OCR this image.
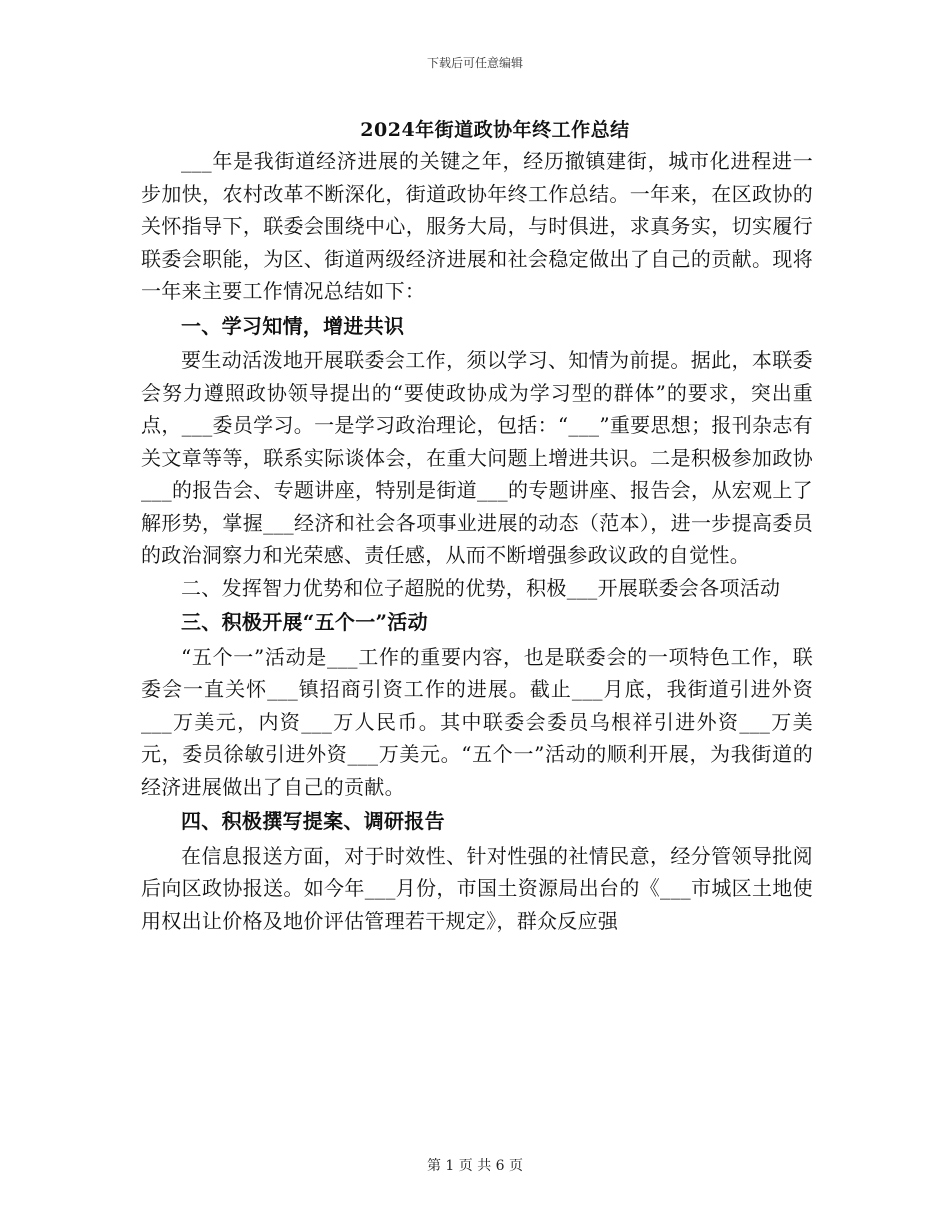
下载后可任意编辑
2024年街道政协年终工作总结

___年是我街道经济进展的关键之年，经历撤镇建街，城市化进程进一步加快，农村改革不断深化，街道政协年终工作总结。一年来，在区政协的关怀指导下，联委会围绕中心，服务大局，与时俱进，求真务实，切实履行联委会职能，为区、街道两级经济进展和社会稳定做出了自己的贡献。现将一年来主要工作情况总结如下：

一、学习知情，增进共识

要生动活泼地开展联委会工作，须以学习、知情为前提。据此，本联委会努力遵照政协领导提出的“要使政协成为学习型的群体”的要求，突出重点，___委员学习。一是学习政治理论，包括：“___”重要思想；报刊杂志有关文章等等，联系实际谈体会，在重大问题上增进共识。二是积极参加政协___的报告会、专题讲座，特别是街道___的专题讲座、报告会，从宏观上了解形势，掌握___经济和社会各项事业进展的动态（范本），进一步提高委员的政治洞察力和光荣感、责任感，从而不断增强参政议政的自觉性。

二、发挥智力优势和位子超脱的优势，积极___开展联委会各项活动

三、积极开展“五个一”活动

“五个一”活动是___工作的重要内容，也是联委会的一项特色工作，联委会一直关怀___镇招商引资工作的进展。截止___月底，我街道引进外资___万美元，内资___万人民币。其中联委会委员乌根祥引进外资___万美元，委员徐敏引进外资___万美元。“五个一”活动的顺利开展，为我街道的经济进展做出了自己的贡献。

四、积极撰写提案、调研报告

在信息报送方面，对于时效性、针对性强的社情民意，经分管领导批阅后向区政协报送。如今年___月份，市国土资源局出台的《___市城区土地使用权出让价格及地价评估管理若干规定》，群众反应强

第 1 页 共 6 页
